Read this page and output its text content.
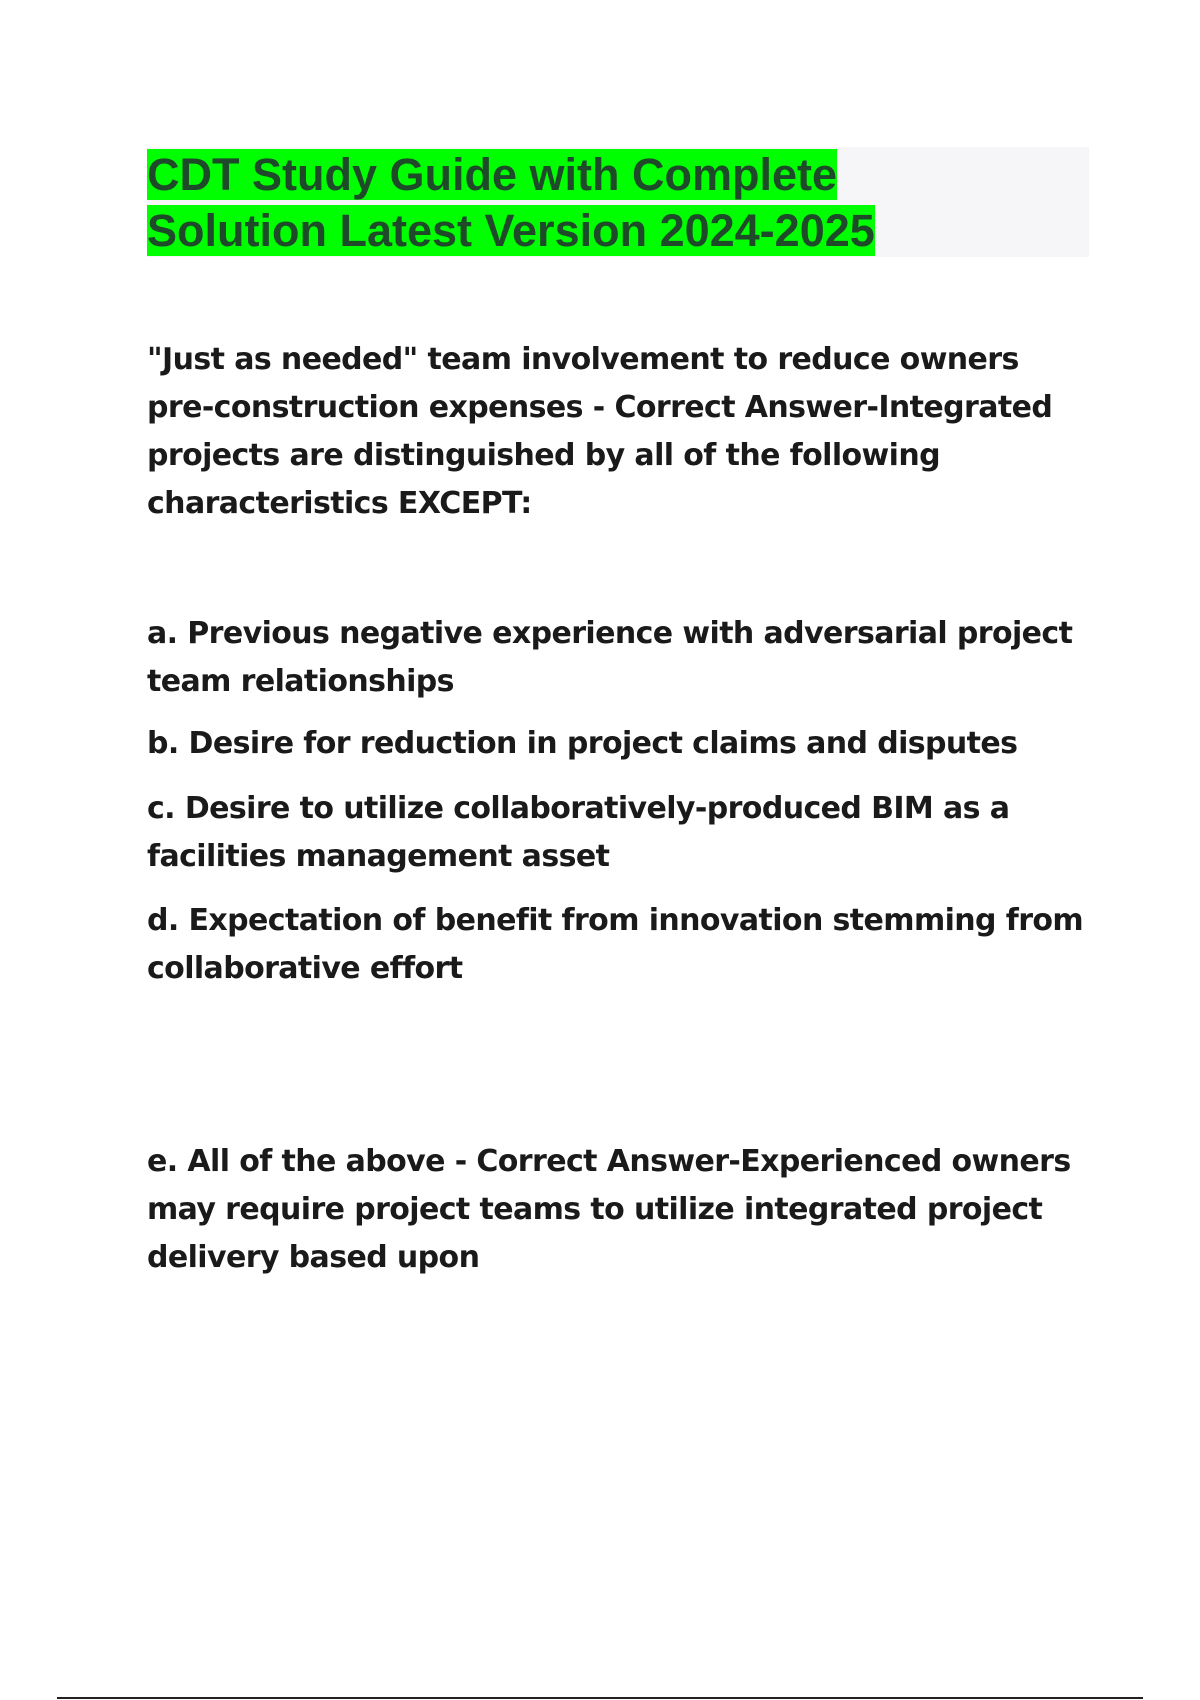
CDT Study Guide with Complete
Solution Latest Version 2024-2025

"Just as needed" team involvement to reduce owners pre-construction expenses - Correct Answer-Integrated projects are distinguished by all of the following characteristics EXCEPT:

a. Previous negative experience with adversarial project team relationships

b. Desire for reduction in project claims and disputes

c. Desire to utilize collaboratively-produced BIM as a facilities management asset

d. Expectation of benefit from innovation stemming from collaborative effort

e. All of the above - Correct Answer-Experienced owners may require project teams to utilize integrated project delivery based upon
